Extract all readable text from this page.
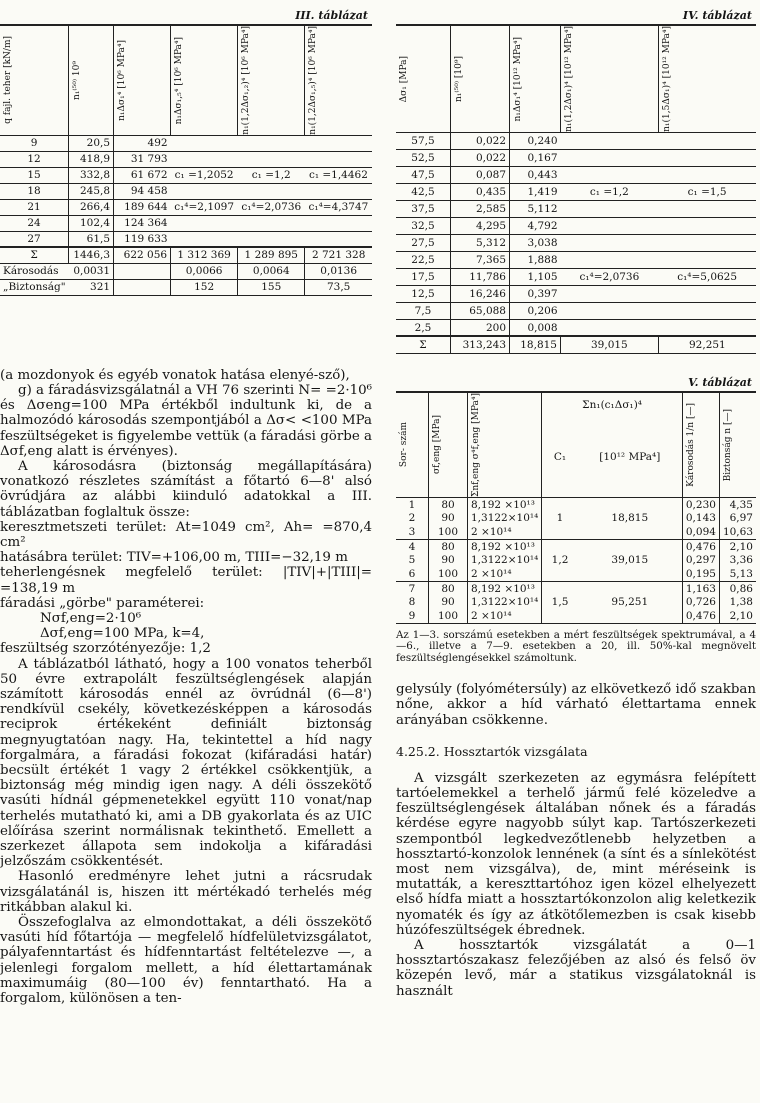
III. táblázat
q fajl. teher [kN/m]	n₁⁽⁵⁰⁾ 10⁹	n₁Δσ₁⁴ [10⁶ MPa⁴]	n₁Δσ₁,₅⁴ [10⁶ MPa⁴]	n₁(1,2Δσ₁,₂)⁴ [10⁶ MPa⁴]	n₁(1,2Δσ₁,₅)⁴ [10⁶ MPa⁴]

9	20,5	492			
12	418,9	31 793			
15	332,8	61 672	c₁ =1,2052	c₁ =1,2	c₁ =1,4462
18	245,8	94 458			
21	266,4	189 644	c₁⁴=2,1097	c₁⁴=2,0736	c₁⁴=4,3747
24	102,4	124 364			
27	61,5	119 633			
Σ	1446,3	622 056	1 312 369	1 289 895	2 721 328
Károsodás	0,0031		0,0066	0,0064	0,0136
„Biztonság"	321		152	155	73,5

(a mozdonyok és egyéb vonatok hatása elenyé-sző),

g) a fáradásvizsgálatnál a VH 76 szerinti N= =2·10⁶ és Δσeng=100 MPa értékből indultunk ki, de a halmozódó károsodás szempontjából a Δσ< <100 MPa feszültségeket is figyelembe vettük (a fáradási görbe a Δσf,eng alatt is érvényes).

A károsodásra (biztonság megállapítására) vonatkozó részletes számítást a főtartó 6—8' alsó övrúdjára az alábbi kiinduló adatokkal a III. táblázatban foglaltuk össze:

keresztmetszeti terület: At=1049 cm², Ah= =870,4 cm²

hatásábra terület: TIV=+106,00 m, TIII=−32,19 m

teherlengésnek megfelelő terület: |TIV|+|TIII|= =138,19 m

fáradási „görbe" paraméterei:

Nσf,eng=2·10⁶

Δσf,eng=100 MPa, k=4,

feszültség szorzótényezője: 1,2

A táblázatból látható, hogy a 100 vonatos teherből 50 évre extrapolált feszültséglengések alapján számított károsodás ennél az övrúdnál (6—8') rendkívül csekély, következésképpen a károsodás reciprok értékeként definiált biztonság megnyugtatóan nagy. Ha, tekintettel a híd nagy forgalmára, a fáradási fokozat (kifáradási határ) becsült értékét 1 vagy 2 értékkel csökkentjük, a biztonság még mindig igen nagy. A déli összekötő vasúti hídnál gépmenetekkel együtt 110 vonat/nap terhelés mutatható ki, ami a DB gyakorlata és az UIC előírása szerint normálisnak tekinthető. Emellett a szerkezet állapota sem indokolja a kifáradási jelzőszám csökkentését.

Hasonló eredményre lehet jutni a rácsrudak vizsgálatánál is, hiszen itt mértékadó terhelés még ritkábban alakul ki.

Összefoglalva az elmondottakat, a déli összekötő vasúti híd főtartója — megfelelő hídfelületvizsgálatot, pályafenntartást és hídfenntartást feltételezve —, a jelenlegi forgalom mellett, a híd élettartamának maximumáig (80—100 év) fenntartható. Ha a forgalom, különösen a ten-

IV. táblázat
Δσ₁ [MPa]	n₁⁽⁵⁰⁾ [10⁹]	n₁Δσ₁⁴ [10¹² MPa⁴]	n₁(1,2Δσ₁)⁴ [10¹² MPa⁴]	n₁(1,5Δσ₁)⁴ [10¹² MPa⁴]

57,5	0,022	0,240		
52,5	0,022	0,167		
47,5	0,087	0,443		
42,5	0,435	1,419	c₁ =1,2	c₁ =1,5
37,5	2,585	5,112		
32,5	4,295	4,792		
27,5	5,312	3,038		
22,5	7,365	1,888		
17,5	11,786	1,105	c₁⁴=2,0736	c₁⁴=5,0625
12,5	16,246	0,397		
7,5	65,088	0,206		
2,5	200	0,008		
Σ	313,243	18,815	39,015	92,251
V. táblázat
Sor- szám	σf,eng [MPa]	Σnf,eng σ⁴f,eng [MPa⁴]	Σn₁(c₁Δσ₁)⁴		Károsodás 1/n [—]	Biztonság n [—]

			C₁	[10¹² MPa⁴]		
1	80	8,192 ×10¹³			0,230	4,35
2	90	1,3122×10¹⁴	1	18,815	0,143	6,97
3	100	2 ×10¹⁴			0,094	10,63
4	80	8,192 ×10¹³			0,476	2,10
5	90	1,3122×10¹⁴	1,2	39,015	0,297	3,36
6	100	2 ×10¹⁴			0,195	5,13
7	80	8,192 ×10¹³			1,163	0,86
8	90	1,3122×10¹⁴	1,5	95,251	0,726	1,38
9	100	2 ×10¹⁴			0,476	2,10

Az 1—3. sorszámú esetekben a mért feszültségek spektrumával, a 4—6., illetve a 7—9. esetekben a 20, ill. 50%-kal megnövelt feszültséglengésekkel számoltunk.

gelysúly (folyómétersúly) az elkövetkező idő szakban nőne, akkor a híd várható élettartama ennek arányában csökkenne.

4.25.2. Hossztartók vizsgálata

A vizsgált szerkezeten az egymásra felépített tartóelemekkel a terhelő jármű felé közeledve a feszültséglengések általában nőnek és a fáradás kérdése egyre nagyobb súlyt kap. Tartószerkezeti szempontból legkedvezőtlenebb helyzetben a hossztartó-konzolok lennének (a sínt és a sínlekötést most nem vizsgálva), de, mint méréseink is mutatták, a kereszttartóhoz igen közel elhelyezett első hídfa miatt a hossztartókonzolon alig keletkezik nyomaték és így az átkötőlemezben is csak kisebb húzófeszültségek ébrednek.

A hossztartók vizsgálatát a 0—1 hossztartószakasz felezőjében az alsó és felső öv közepén levő, már a statikus vizsgálatoknál is használt
